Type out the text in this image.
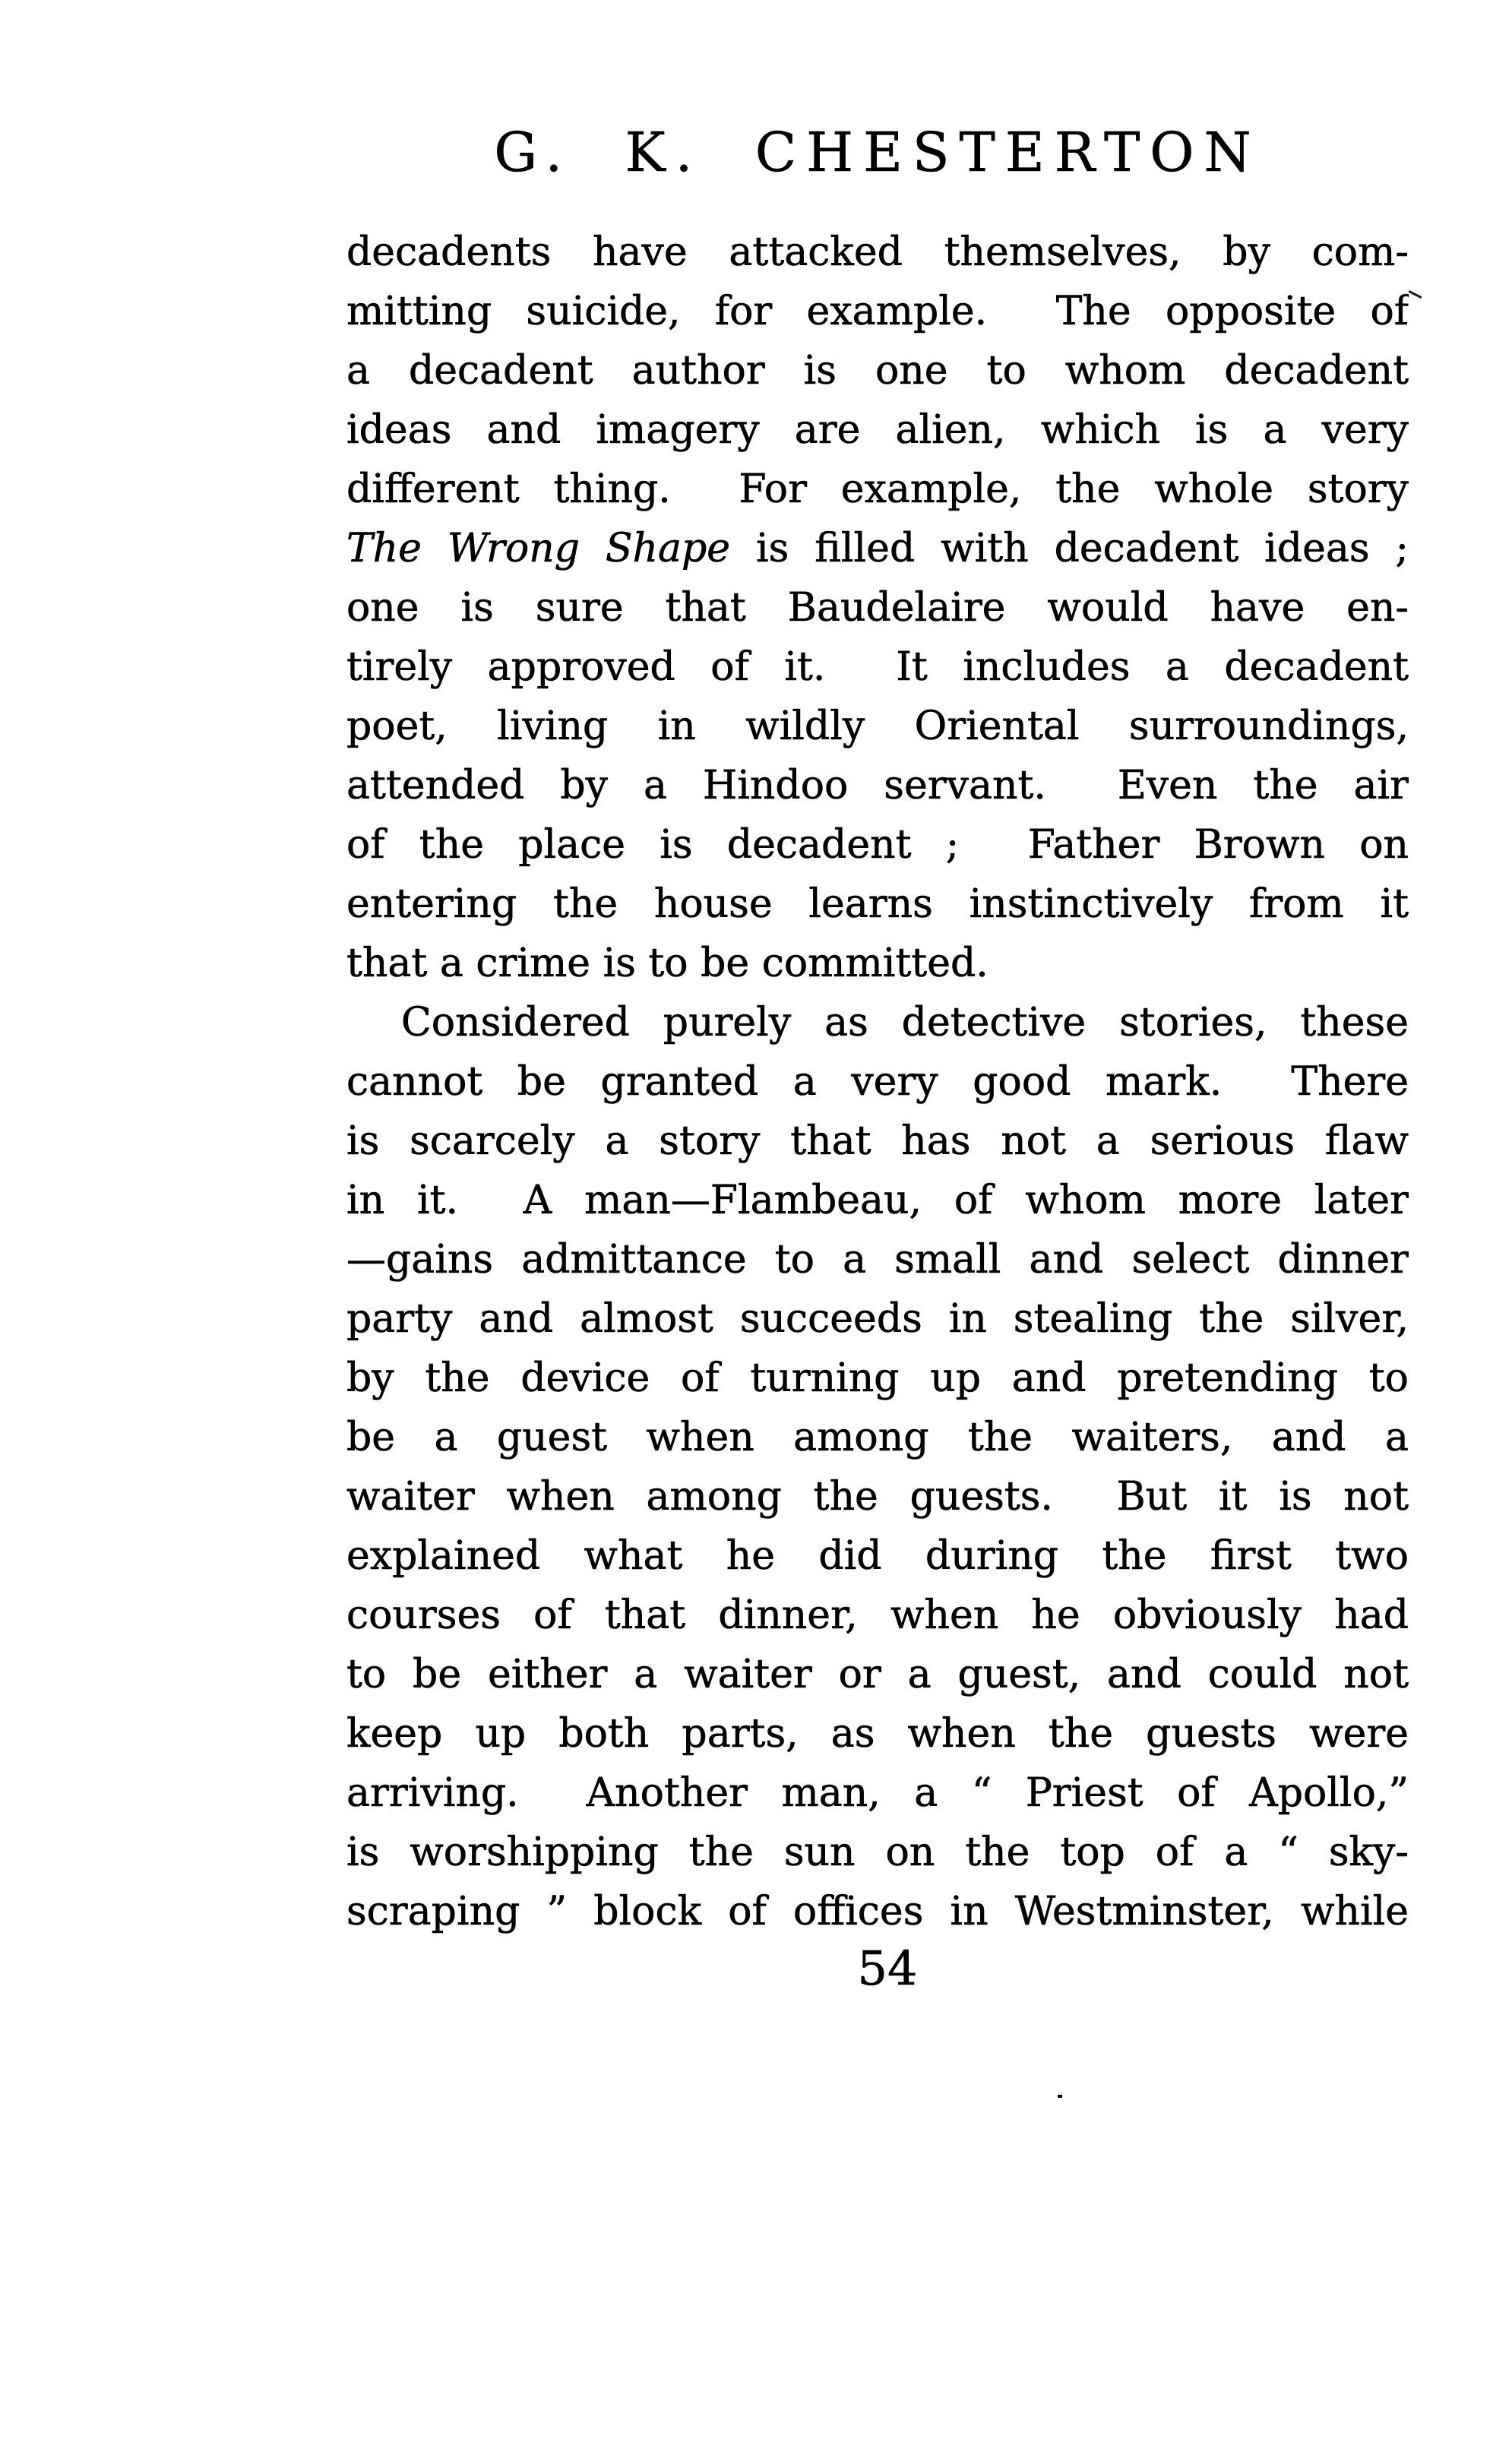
G. K. CHESTERTON
decadents have attacked themselves, by com-
mitting suicide, for example.  The opposite of
a decadent author is one to whom decadent
ideas and imagery are alien, which is a very
different thing.  For example, the whole story
The Wrong Shape is filled with decadent ideas ;
one is sure that Baudelaire would have en-
tirely approved of it.  It includes a decadent
poet, living in wildly Oriental surroundings,
attended by a Hindoo servant.  Even the air
of the place is decadent ;  Father Brown on
entering the house learns instinctively from it
that a crime is to be committed.
Considered purely as detective stories, these
cannot be granted a very good mark.  There
is scarcely a story that has not a serious flaw
in it.  A man—Flambeau, of whom more later
—gains admittance to a small and select dinner
party and almost succeeds in stealing the silver,
by the device of turning up and pretending to
be a guest when among the waiters, and a
waiter when among the guests.  But it is not
explained what he did during the first two
courses of that dinner, when he obviously had
to be either a waiter or a guest, and could not
keep up both parts, as when the guests were
arriving.  Another man, a “ Priest of Apollo,”
is worshipping the sun on the top of a “ sky-
scraping ” block of offices in Westminster, while
54
